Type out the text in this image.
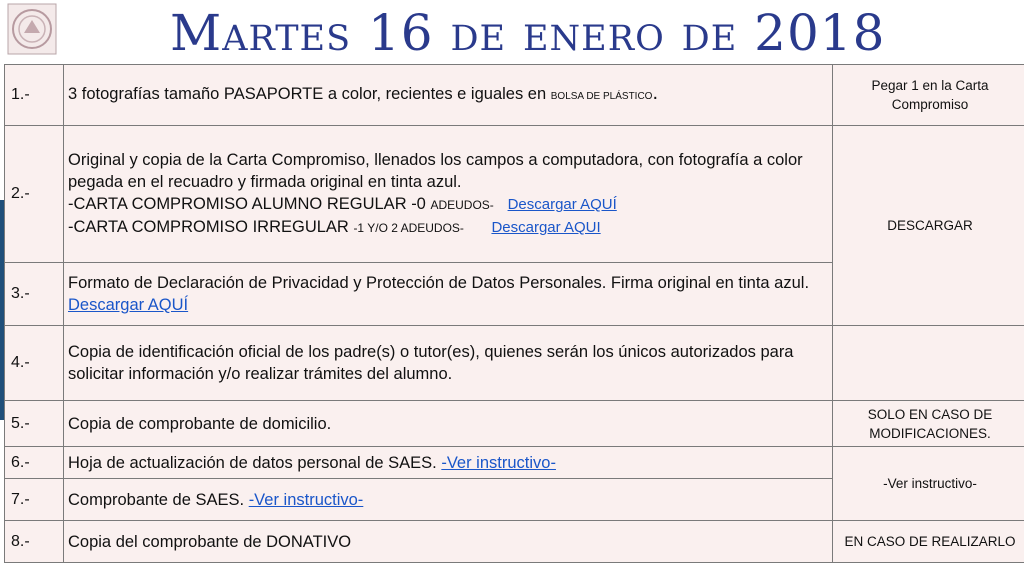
Martes 16 de enero de 2018
1.-	3 fotografías tamaño PASAPORTE a color, recientes e iguales en BOLSA DE PLÁSTICO.	Pegar 1 en la Carta Compromiso
2.-	Original y copia de la Carta Compromiso, llenados los campos a computadora, con fotografía a color pegada en el recuadro y firmada original en tinta azul.
-CARTA COMPROMISO ALUMNO REGULAR -0 ADEUDOS- Descargar AQUÍ
-CARTA COMPROMISO IRREGULAR -1 Y/O 2 ADEUDOS- Descargar AQUI	DESCARGAR
3.-	Formato de Declaración de Privacidad y Protección de Datos Personales. Firma original en tinta azul. Descargar AQUÍ	
4.-	Copia de identificación oficial de los padre(s) o tutor(es), quienes serán los únicos autorizados para solicitar información y/o realizar trámites del alumno.	
5.-	Copia de comprobante de domicilio.	SOLO EN CASO DE MODIFICACIONES.
6.-	Hoja de actualización de datos personal de SAES. -Ver instructivo-	-Ver instructivo-
7.-	Comprobante de SAES. -Ver instructivo-	
8.-	Copia del comprobante de DONATIVO	EN CASO DE REALIZARLO
